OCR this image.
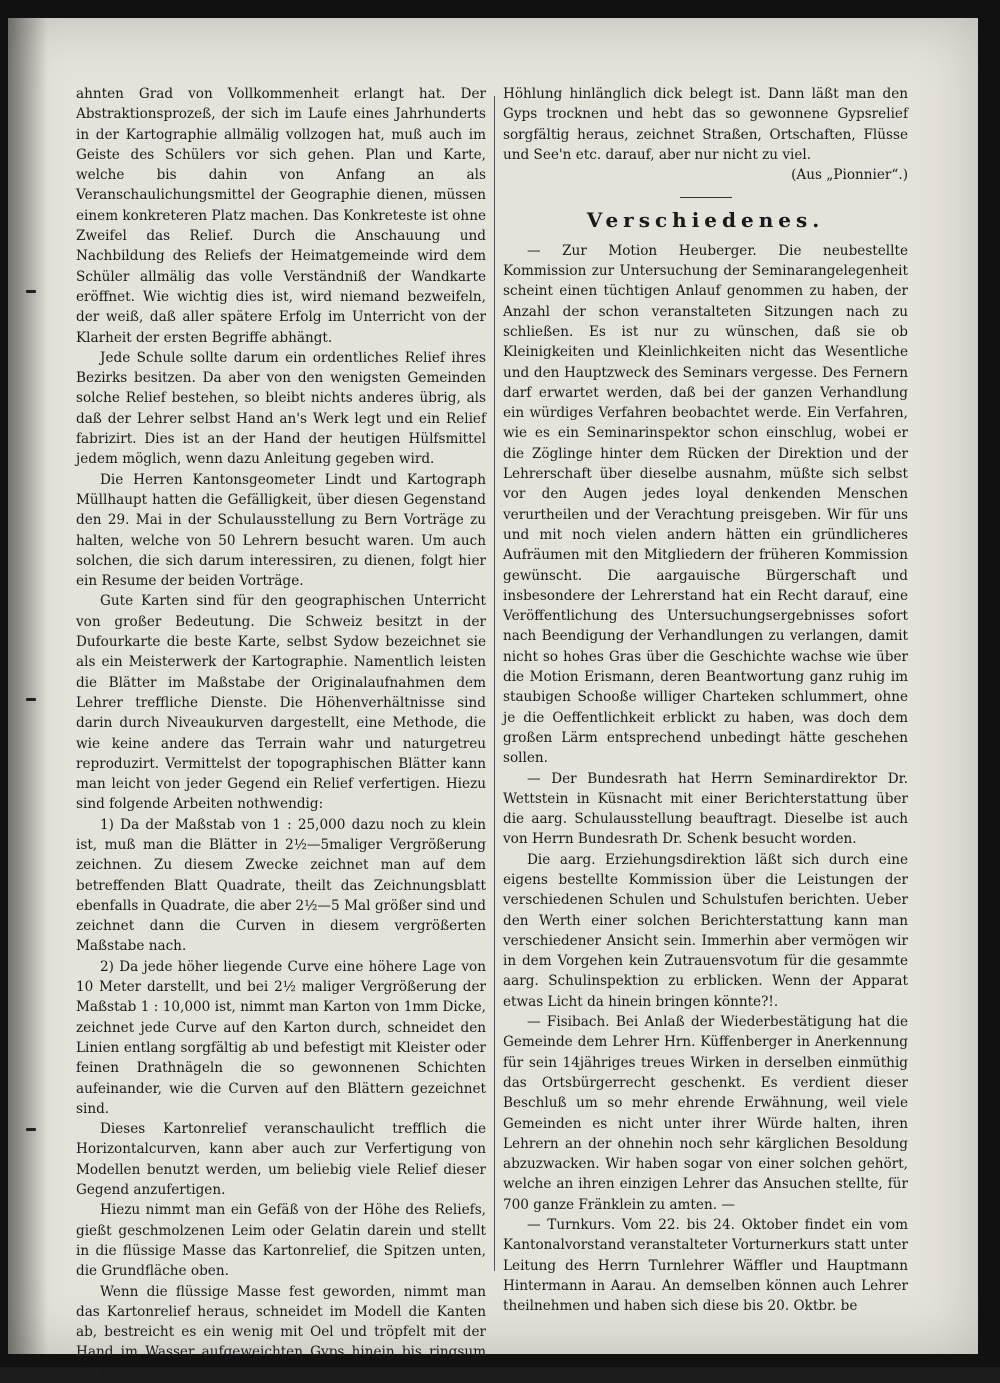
ahnten Grad von Vollkommenheit erlangt hat. Der Abstraktionsprozeß, der sich im Laufe eines Jahrhunderts in der Kartographie allmälig vollzogen hat, muß auch im Geiste des Schülers vor sich gehen. Plan und Karte, welche bis dahin von Anfang an als Veranschaulichungsmittel der Geographie dienen, müssen einem konkreteren Platz machen. Das Konkreteste ist ohne Zweifel das Relief. Durch die Anschauung und Nachbildung des Reliefs der Heimatgemeinde wird dem Schüler allmälig das volle Verständniß der Wandkarte eröffnet. Wie wichtig dies ist, wird niemand bezweifeln, der weiß, daß aller spätere Erfolg im Unterricht von der Klarheit der ersten Begriffe abhängt.

Jede Schule sollte darum ein ordentliches Relief ihres Bezirks besitzen. Da aber von den wenigsten Gemeinden solche Relief bestehen, so bleibt nichts anderes übrig, als daß der Lehrer selbst Hand an's Werk legt und ein Relief fabrizirt. Dies ist an der Hand der heutigen Hülfsmittel jedem möglich, wenn dazu Anleitung gegeben wird.

Die Herren Kantonsgeometer Lindt und Kartograph Müllhaupt hatten die Gefälligkeit, über diesen Gegenstand den 29. Mai in der Schulausstellung zu Bern Vorträge zu halten, welche von 50 Lehrern besucht waren. Um auch solchen, die sich darum interessiren, zu dienen, folgt hier ein Resume der beiden Vorträge.

Gute Karten sind für den geographischen Unterricht von großer Bedeutung. Die Schweiz besitzt in der Dufourkarte die beste Karte, selbst Sydow bezeichnet sie als ein Meisterwerk der Kartographie. Namentlich leisten die Blätter im Maßstabe der Originalaufnahmen dem Lehrer treffliche Dienste. Die Höhenverhältnisse sind darin durch Niveaukurven dargestellt, eine Methode, die wie keine andere das Terrain wahr und naturgetreu reproduzirt. Vermittelst der topographischen Blätter kann man leicht von jeder Gegend ein Relief verfertigen. Hiezu sind folgende Arbeiten nothwendig:

1) Da der Maßstab von 1 : 25,000 dazu noch zu klein ist, muß man die Blätter in 2½—5maliger Vergrößerung zeichnen. Zu diesem Zwecke zeichnet man auf dem betreffenden Blatt Quadrate, theilt das Zeichnungsblatt ebenfalls in Quadrate, die aber 2½—5 Mal größer sind und zeichnet dann die Curven in diesem vergrößerten Maßstabe nach.

2) Da jede höher liegende Curve eine höhere Lage von 10 Meter darstellt, und bei 2½ maliger Vergrößerung der Maßstab 1 : 10,000 ist, nimmt man Karton von 1mm Dicke, zeichnet jede Curve auf den Karton durch, schneidet den Linien entlang sorgfältig ab und befestigt mit Kleister oder feinen Drathnägeln die so gewonnenen Schichten aufeinander, wie die Curven auf den Blättern gezeichnet sind.

Dieses Kartonrelief veranschaulicht trefflich die Horizontalcurven, kann aber auch zur Verfertigung von Modellen benutzt werden, um beliebig viele Relief dieser Gegend anzufertigen.

Hiezu nimmt man ein Gefäß von der Höhe des Reliefs, gießt geschmolzenen Leim oder Gelatin darein und stellt in die flüssige Masse das Kartonrelief, die Spitzen unten, die Grundfläche oben.

Wenn die flüssige Masse fest geworden, nimmt man das Kartonrelief heraus, schneidet im Modell die Kanten ab, bestreicht es ein wenig mit Oel und tröpfelt mit der Hand im Wasser aufgeweichten Gyps hinein bis ringsum die ganze

Höhlung hinlänglich dick belegt ist. Dann läßt man den Gyps trocknen und hebt das so gewonnene Gypsrelief sorgfältig heraus, zeichnet Straßen, Ortschaften, Flüsse und See'n etc. darauf, aber nur nicht zu viel.

(Aus „Pionnier“.)

Verschiedenes.

— Zur Motion Heuberger. Die neubestellte Kommission zur Untersuchung der Seminarangelegenheit scheint einen tüchtigen Anlauf genommen zu haben, der Anzahl der schon veranstalteten Sitzungen nach zu schließen. Es ist nur zu wünschen, daß sie ob Kleinigkeiten und Kleinlichkeiten nicht das Wesentliche und den Hauptzweck des Seminars vergesse. Des Fernern darf erwartet werden, daß bei der ganzen Verhandlung ein würdiges Verfahren beobachtet werde. Ein Verfahren, wie es ein Seminarinspektor schon einschlug, wobei er die Zöglinge hinter dem Rücken der Direktion und der Lehrerschaft über dieselbe ausnahm, müßte sich selbst vor den Augen jedes loyal denkenden Menschen verurtheilen und der Verachtung preisgeben. Wir für uns und mit noch vielen andern hätten ein gründlicheres Aufräumen mit den Mitgliedern der früheren Kommission gewünscht. Die aargauische Bürgerschaft und insbesondere der Lehrerstand hat ein Recht darauf, eine Veröffentlichung des Untersuchungsergebnisses sofort nach Beendigung der Verhandlungen zu verlangen, damit nicht so hohes Gras über die Geschichte wachse wie über die Motion Erismann, deren Beantwortung ganz ruhig im staubigen Schooße williger Charteken schlummert, ohne je die Oeffentlichkeit erblickt zu haben, was doch dem großen Lärm entsprechend unbedingt hätte geschehen sollen.

— Der Bundesrath hat Herrn Seminardirektor Dr. Wettstein in Küsnacht mit einer Berichterstattung über die aarg. Schulausstellung beauftragt. Dieselbe ist auch von Herrn Bundesrath Dr. Schenk besucht worden.

Die aarg. Erziehungsdirektion läßt sich durch eine eigens bestellte Kommission über die Leistungen der verschiedenen Schulen und Schulstufen berichten. Ueber den Werth einer solchen Berichterstattung kann man verschiedener Ansicht sein. Immerhin aber vermögen wir in dem Vorgehen kein Zutrauensvotum für die gesammte aarg. Schulinspektion zu erblicken. Wenn der Apparat etwas Licht da hinein bringen könnte?!.

— Fisibach. Bei Anlaß der Wiederbestätigung hat die Gemeinde dem Lehrer Hrn. Küffenberger in Anerkennung für sein 14jähriges treues Wirken in derselben einmüthig das Ortsbürgerrecht geschenkt. Es verdient dieser Beschluß um so mehr ehrende Erwähnung, weil viele Gemeinden es nicht unter ihrer Würde halten, ihren Lehrern an der ohnehin noch sehr kärglichen Besoldung abzuzwacken. Wir haben sogar von einer solchen gehört, welche an ihren einzigen Lehrer das Ansuchen stellte, für 700 ganze Fränklein zu amten. —

— Turnkurs. Vom 22. bis 24. Oktober findet ein vom Kantonalvorstand veranstalteter Vorturnerkurs statt unter Leitung des Herrn Turnlehrer Wäffler und Hauptmann Hintermann in Aarau. An demselben können auch Lehrer theilnehmen und haben sich diese bis 20. Oktbr. be
